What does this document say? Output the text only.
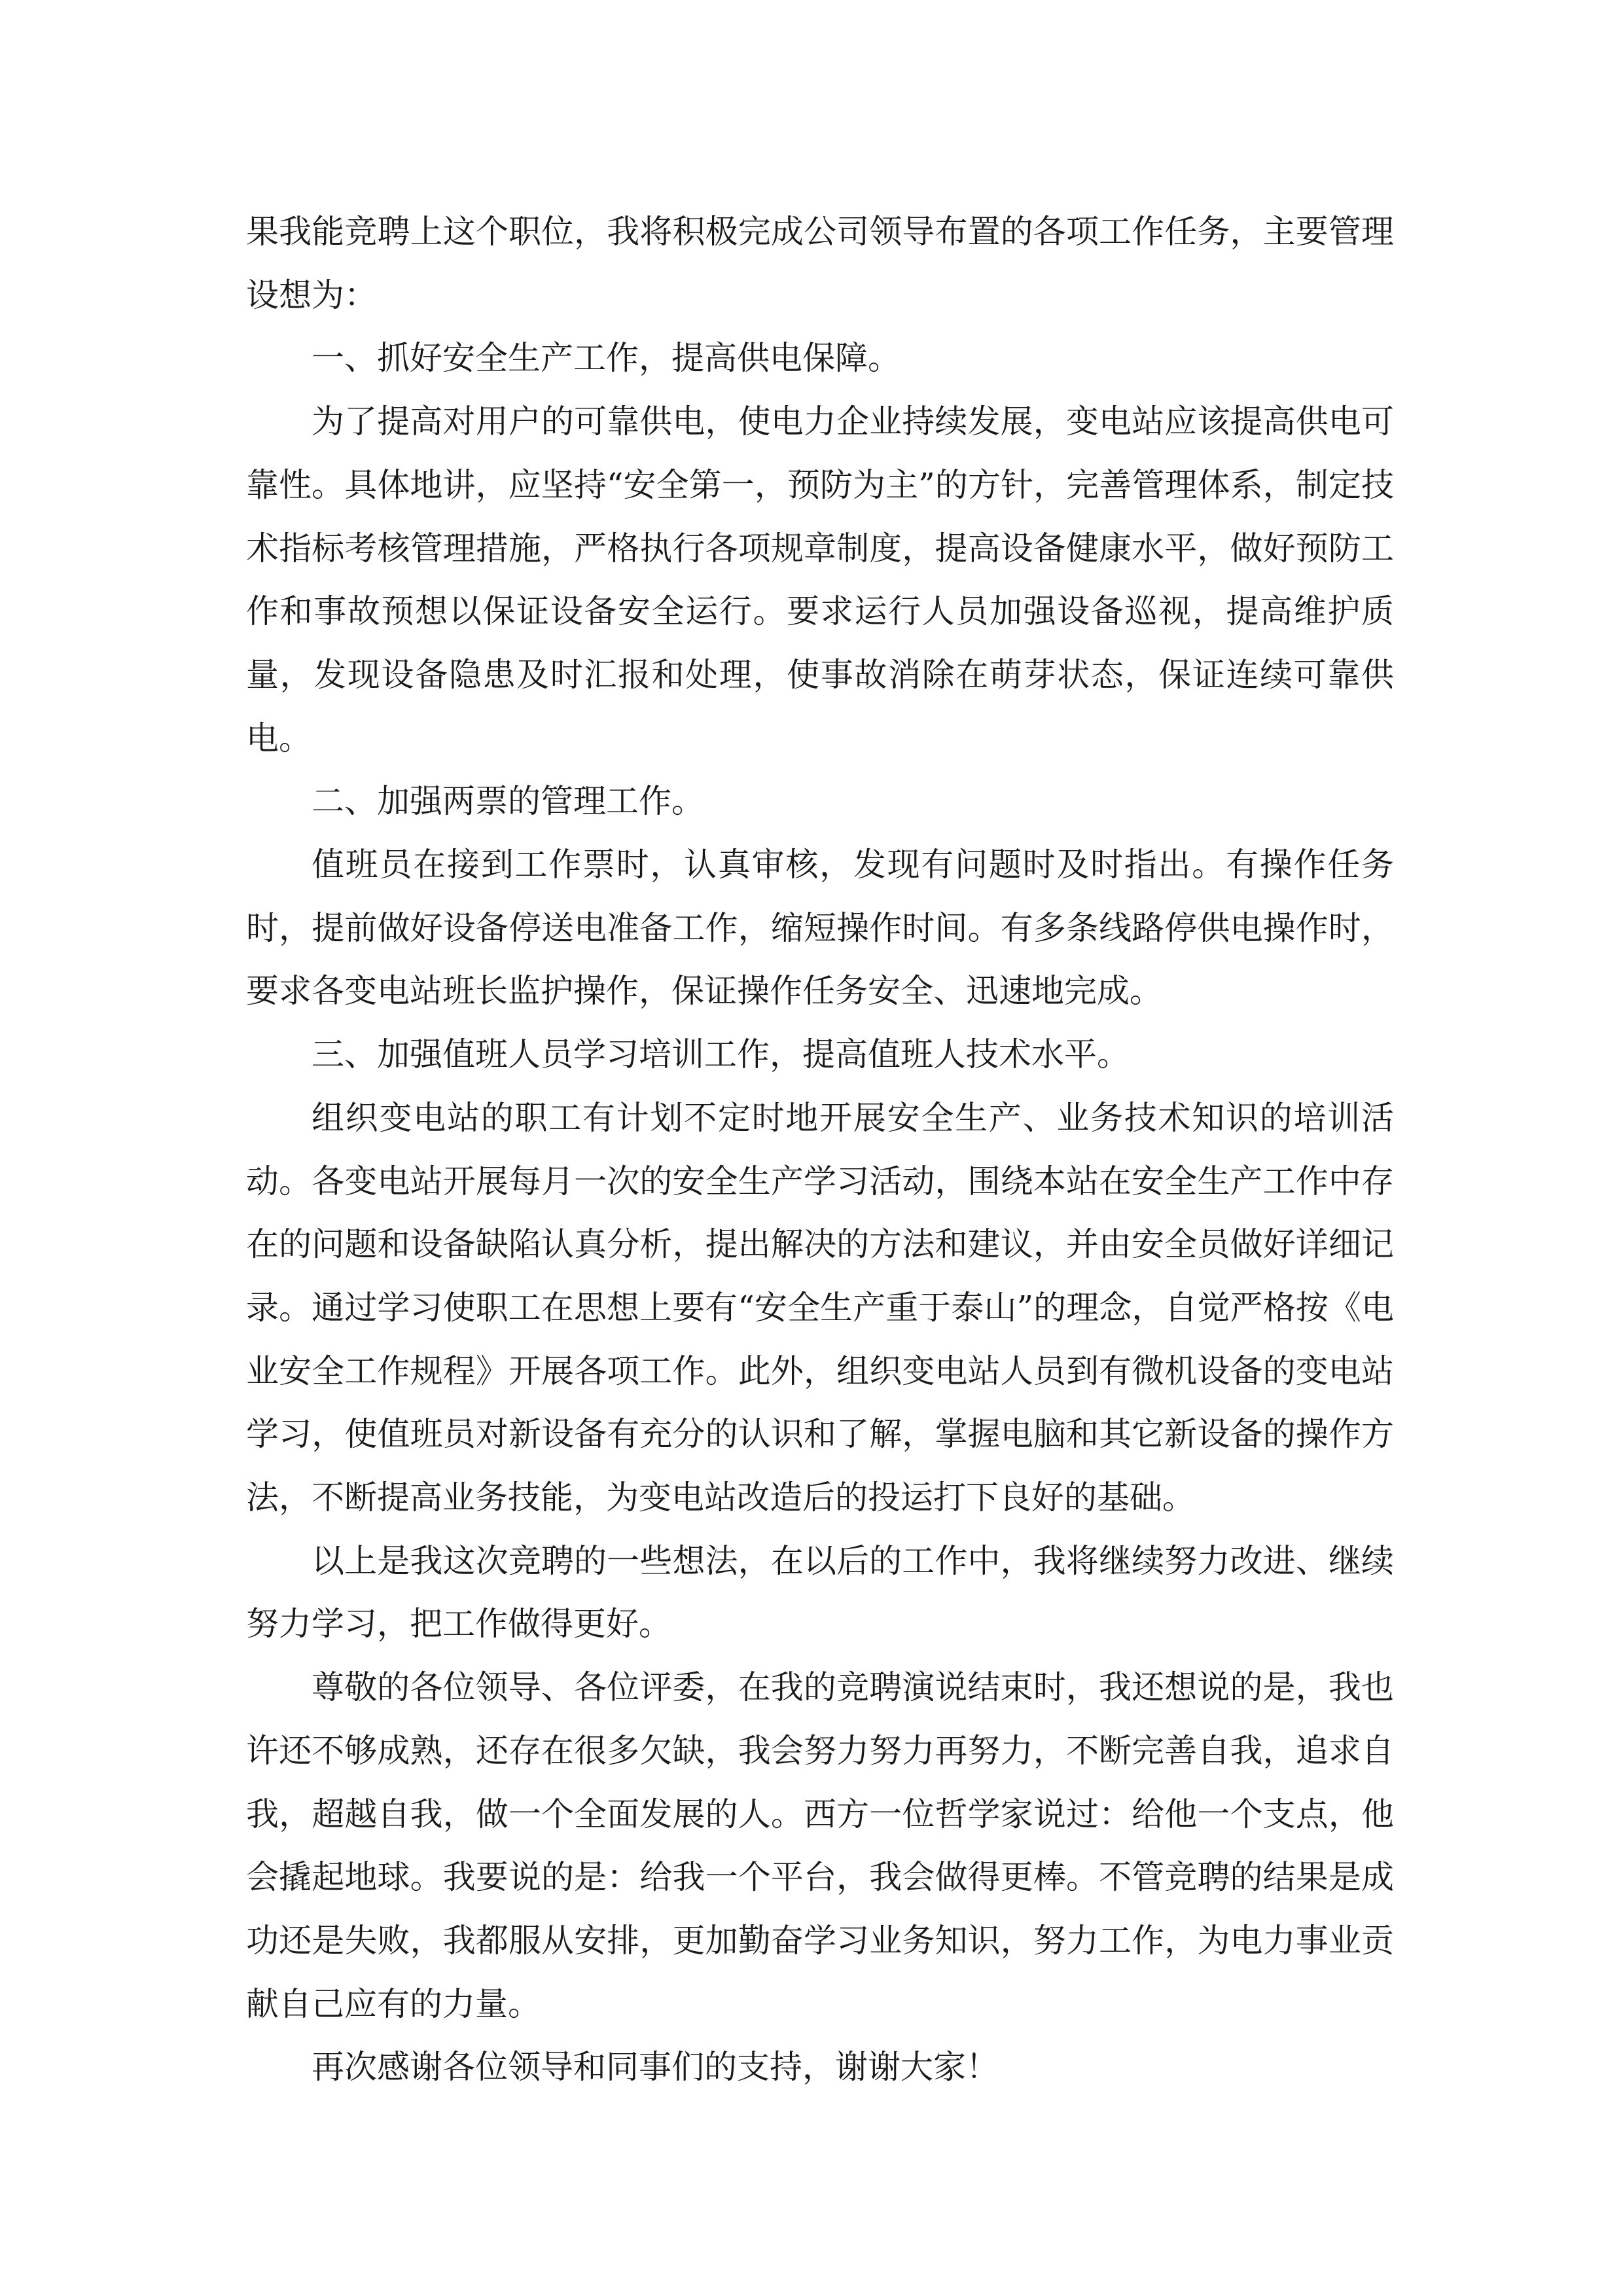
果我能竞聘上这个职位，我将积极完成公司领导布置的各项工作任务，主要管理设想为：

一、抓好安全生产工作，提高供电保障。

为了提高对用户的可靠供电，使电力企业持续发展，变电站应该提高供电可靠性。具体地讲，应坚持“安全第一，预防为主”的方针，完善管理体系，制定技术指标考核管理措施，严格执行各项规章制度，提高设备健康水平，做好预防工作和事故预想以保证设备安全运行。要求运行人员加强设备巡视，提高维护质量，发现设备隐患及时汇报和处理，使事故消除在萌芽状态，保证连续可靠供电。

二、加强两票的管理工作。

值班员在接到工作票时，认真审核，发现有问题时及时指出。有操作任务时，提前做好设备停送电准备工作，缩短操作时间。有多条线路停供电操作时，要求各变电站班长监护操作，保证操作任务安全、迅速地完成。

三、加强值班人员学习培训工作，提高值班人技术水平。

组织变电站的职工有计划不定时地开展安全生产、业务技术知识的培训活动。各变电站开展每月一次的安全生产学习活动，围绕本站在安全生产工作中存在的问题和设备缺陷认真分析，提出解决的方法和建议，并由安全员做好详细记录。通过学习使职工在思想上要有“安全生产重于泰山”的理念，自觉严格按《电业安全工作规程》开展各项工作。此外，组织变电站人员到有微机设备的变电站学习，使值班员对新设备有充分的认识和了解，掌握电脑和其它新设备的操作方法，不断提高业务技能，为变电站改造后的投运打下良好的基础。

以上是我这次竞聘的一些想法，在以后的工作中，我将继续努力改进、继续努力学习，把工作做得更好。

尊敬的各位领导、各位评委，在我的竞聘演说结束时，我还想说的是，我也许还不够成熟，还存在很多欠缺，我会努力努力再努力，不断完善自我，追求自我，超越自我，做一个全面发展的人。西方一位哲学家说过：给他一个支点，他会撬起地球。我要说的是：给我一个平台，我会做得更棒。不管竞聘的结果是成功还是失败，我都服从安排，更加勤奋学习业务知识，努力工作，为电力事业贡献自己应有的力量。

再次感谢各位领导和同事们的支持，谢谢大家！
